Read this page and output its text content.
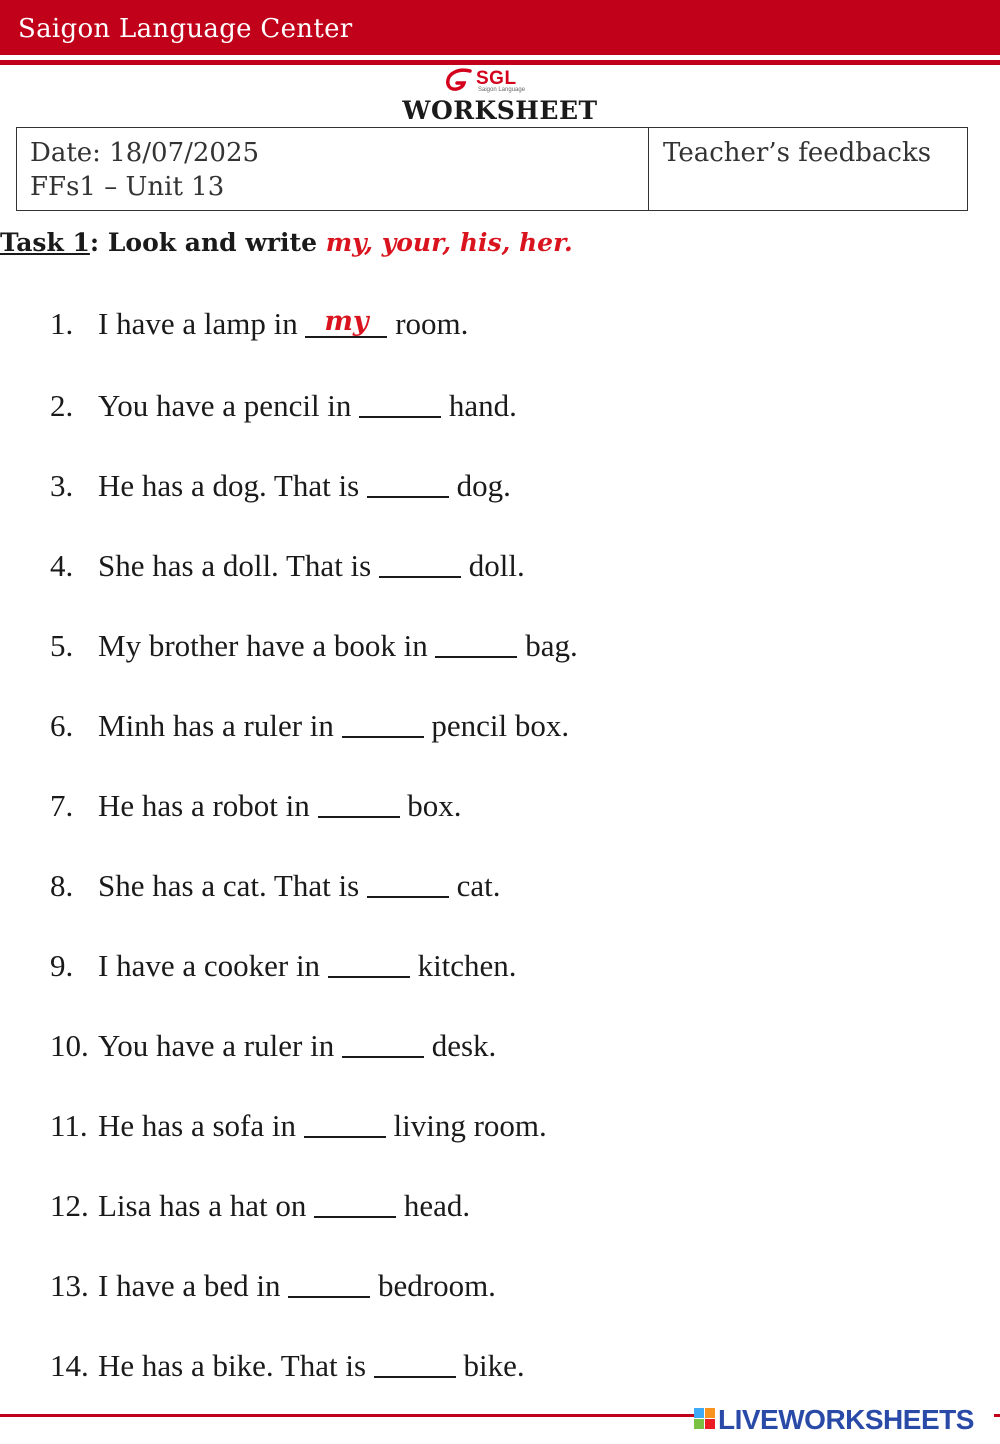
Saigon Language Center
SGL
Saigon Language
WORKSHEET
Date: 18/07/2025
FFs1 – Unit 13
Teacher’s feedbacks
Task 1: Look and write my, your, his, her.
1. I have a lamp in my room.
2. You have a pencil in	hand.
3. He has a dog. That is	dog.
4. She has a doll. That is	doll.
5. My brother have a book in	bag.
6. Minh has a ruler in	pencil box.
7. He has a robot in	box.
8. She has a cat. That is	cat.
9. I have a cooker in	kitchen.
10. You have a ruler in	desk.
11. He has a sofa in	living room.
12. Lisa has a hat on	head.
13. I have a bed in	bedroom.
14. He has a bike. That is	bike.
LIVEWORKSHEETS
